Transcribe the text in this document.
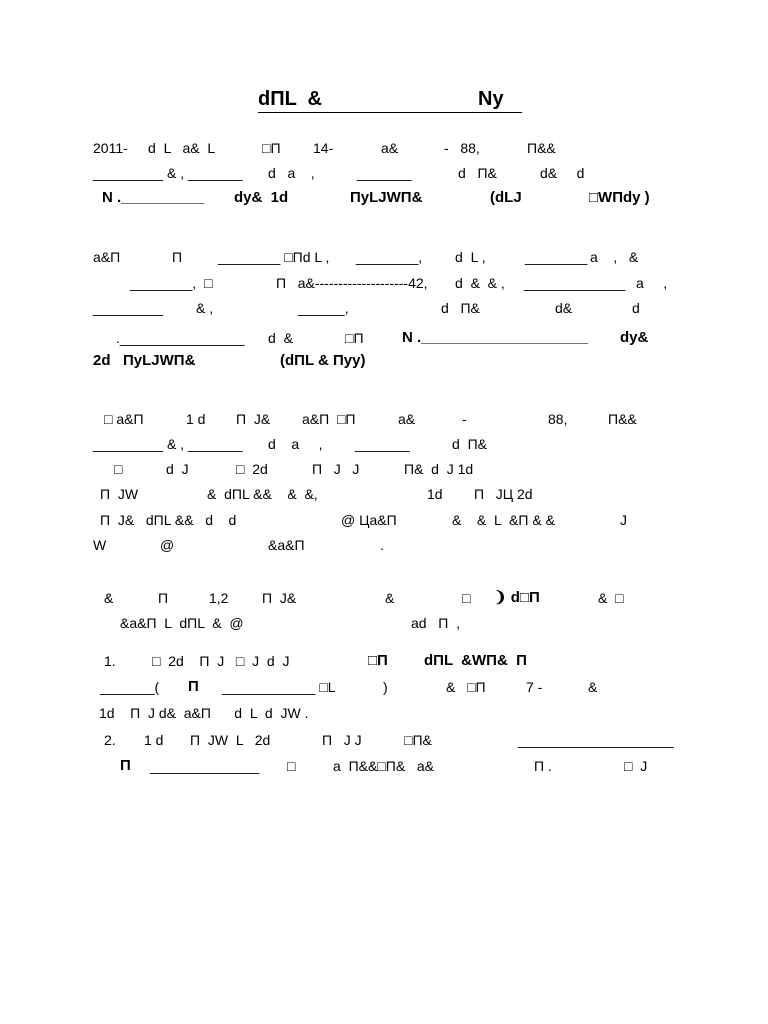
dПL  &	Ny
2011- d  L   a&  L	□П 14-	a&	-   88,	П&&
_________ & , _______ d   a    ,	_______	d   П&	d&     d
N .__________ dy&  1d	ПyLJWП&	(dLJ	□WПdy )
a&П	П	________ □Пd L , ________, d  L ,	________ a    ,   &
________,  □	П   a&--------------------42, d  &  & , _____________ a     ,
_________ & ,	______,	d   П&	d&	d
.________________ d  &	□П	N .____________________ dy&
2d   ПyLJWП&	(dПL & Пyy)
□ a&П	1 d П  J& a&П  □П	a&	-	88,	П&&
_________ & , _______ d    a     , _______	d  П&
□	d  J	□  2d	П   J   J	П&  d  J 1d
П  JW	&  dПL &&    &  &,	1d П   JЦ 2d
П  J&   dПL &&   d    d	@ Цa&П	&    &  L  &П & &	J
W	@	&a&П	.
&	П	1,2 П  J&	&	□ ❩ d□П	&  □
&a&П  L  dПL  &  @	ad   П  ,
1.	□  2d    П  J   □  J  d  J	□П dПL  &WП&  П
_______( П ____________ □L	)	&   □П	7 -	&
1d    П  J d&  a&П      d  L  d  JW .
2. 1 d П  JW  L   2d	П   J J	□П&	____________________
П ______________ □	a  П&&□П&   a&	П .	□  J
